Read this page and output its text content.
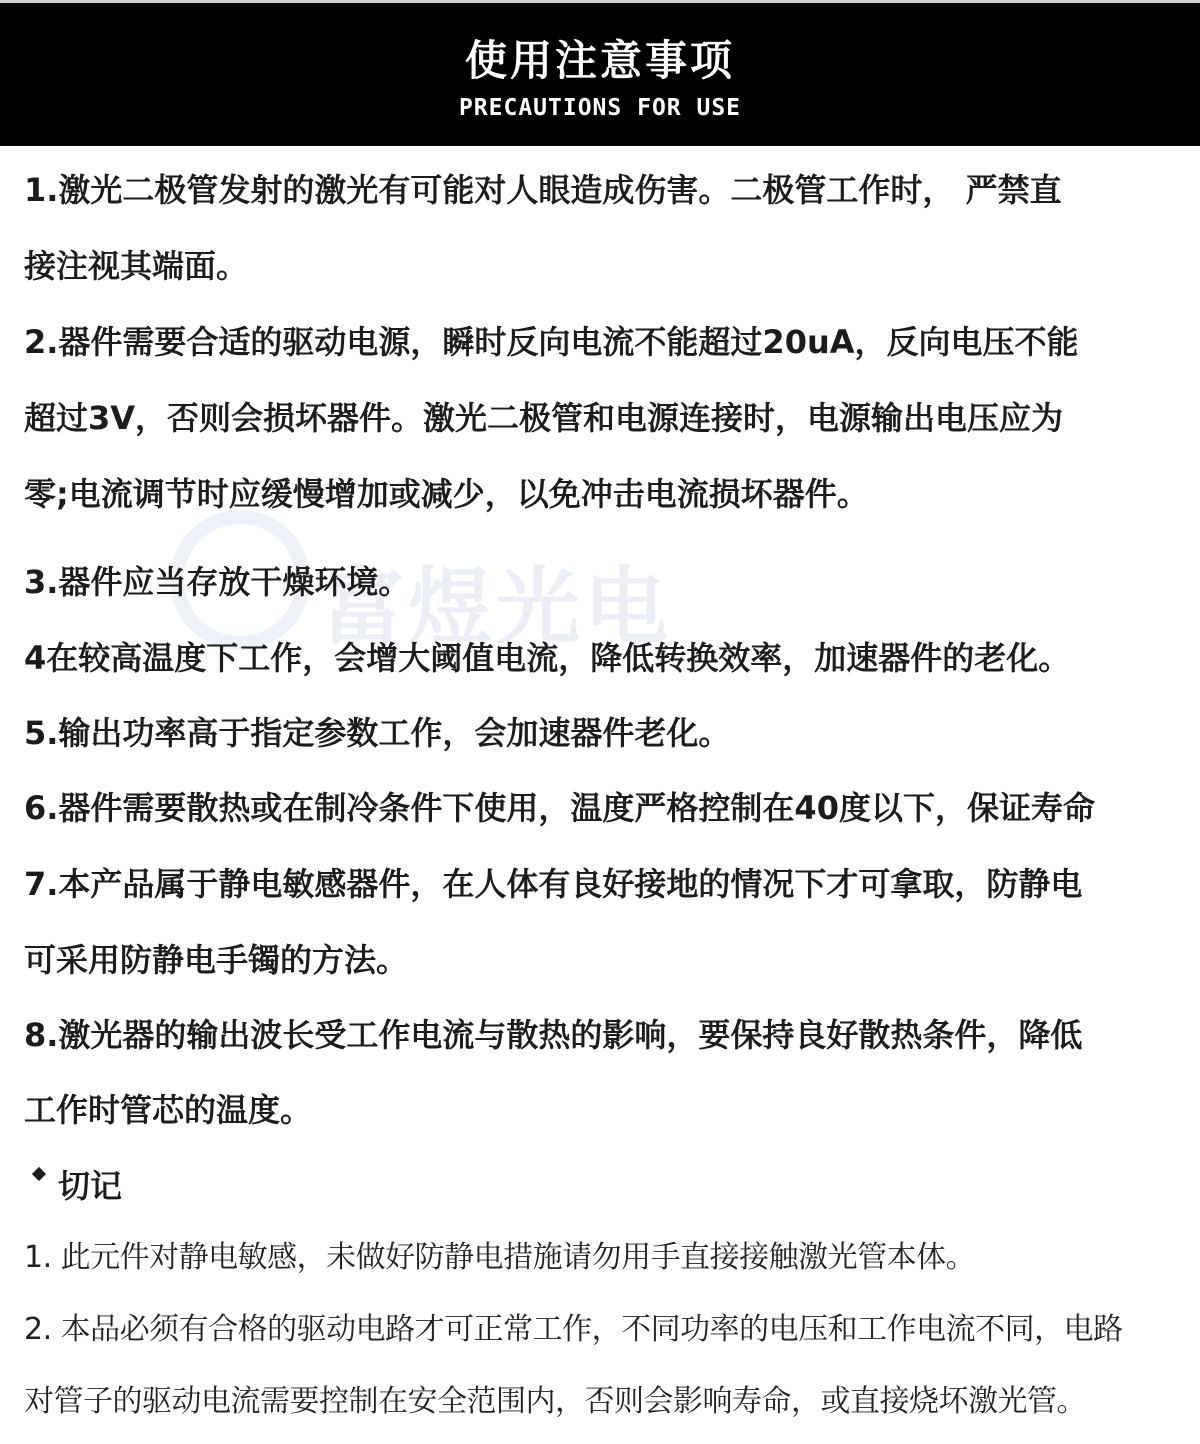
使用注意事项
PRECAUTIONS FOR USE
富煜光电
1.激光二极管发射的激光有可能对人眼造成伤害。二极管工作时， 严禁直
接注视其端面。
2.器件需要合适的驱动电源，瞬时反向电流不能超过20uA，反向电压不能
超过3V，否则会损坏器件。激光二极管和电源连接时，电源输出电压应为
零;电流调节时应缓慢增加或减少，以免冲击电流损坏器件。
3.器件应当存放干燥环境。
4在较高温度下工作，会增大阈值电流，降低转换效率，加速器件的老化。
5.输出功率高于指定参数工作，会加速器件老化。
6.器件需要散热或在制冷条件下使用，温度严格控制在40度以下，保证寿命
7.本产品属于静电敏感器件，在人体有良好接地的情况下才可拿取，防静电
可采用防静电手镯的方法。
8.激光器的输出波长受工作电流与散热的影响，要保持良好散热条件，降低
工作时管芯的温度。
切记
1. 此元件对静电敏感，未做好防静电措施请勿用手直接接触激光管本体。
2. 本品必须有合格的驱动电路才可正常工作，不同功率的电压和工作电流不同，电路
对管子的驱动电流需要控制在安全范围内，否则会影响寿命，或直接烧坏激光管。
